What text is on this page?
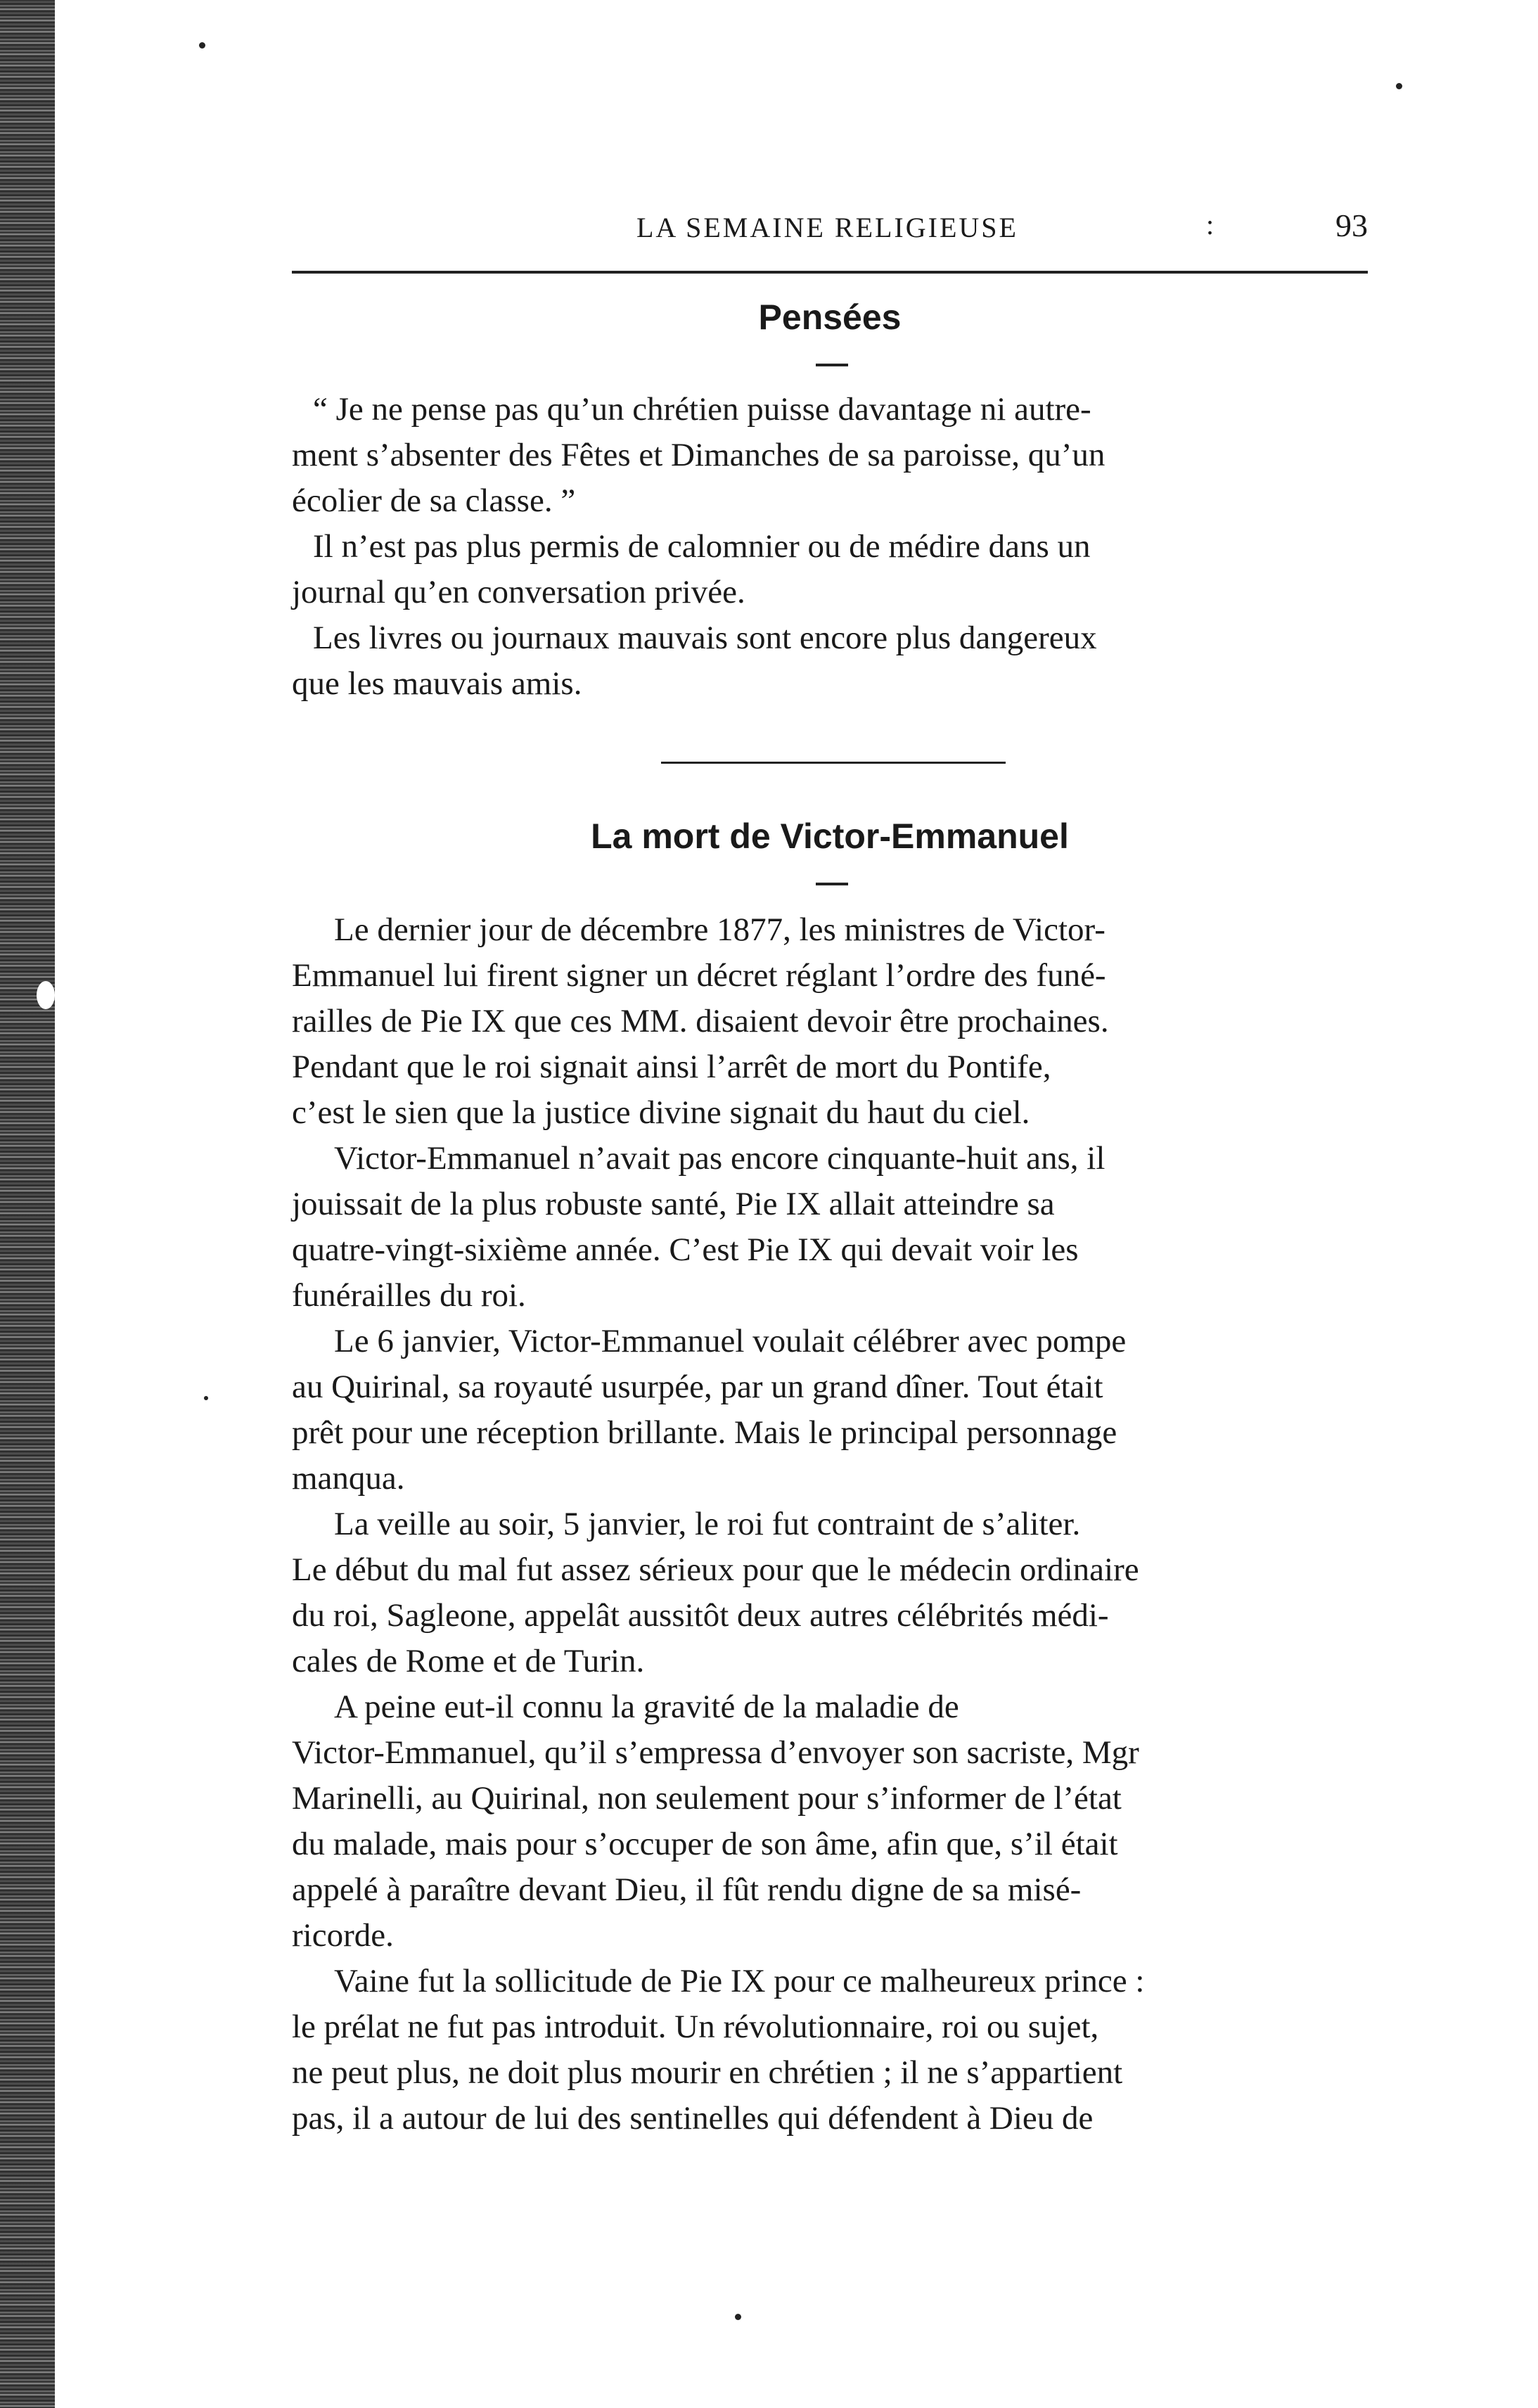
LA SEMAINE RELIGIEUSE	:	93
Pensées
“ Je ne pense pas qu’un chrétien puisse davantage ni autre-
ment s’absenter des Fêtes et Dimanches de sa paroisse, qu’un
écolier de sa classe. ”
Il n’est pas plus permis de calomnier ou de médire dans un
journal qu’en conversation privée.
Les livres ou journaux mauvais sont encore plus dangereux
que les mauvais amis.
La mort de Victor-Emmanuel
Le dernier jour de décembre 1877, les ministres de Victor-
Emmanuel lui firent signer un décret réglant l’ordre des funé-
railles de Pie IX que ces MM. disaient devoir être prochaines.
Pendant que le roi signait ainsi l’arrêt de mort du Pontife,
c’est le sien que la justice divine signait du haut du ciel.
Victor-Emmanuel n’avait pas encore cinquante-huit ans, il
jouissait de la plus robuste santé, Pie IX allait atteindre sa
quatre-vingt-sixième année. C’est Pie IX qui devait voir les
funérailles du roi.
Le 6 janvier, Victor-Emmanuel voulait célébrer avec pompe
au Quirinal, sa royauté usurpée, par un grand dîner. Tout était
prêt pour une réception brillante. Mais le principal personnage
manqua.
La veille au soir, 5 janvier, le roi fut contraint de s’aliter.
Le début du mal fut assez sérieux pour que le médecin ordinaire
du roi, Sagleone, appelât aussitôt deux autres célébrités médi-
cales de Rome et de Turin.
A peine eut-il connu la gravité de la maladie de
Victor-Emmanuel, qu’il s’empressa d’envoyer son sacriste, Mgr
Marinelli, au Quirinal, non seulement pour s’informer de l’état
du malade, mais pour s’occuper de son âme, afin que, s’il était
appelé à paraître devant Dieu, il fût rendu digne de sa misé-
ricorde.
Vaine fut la sollicitude de Pie IX pour ce malheureux prince :
le prélat ne fut pas introduit. Un révolutionnaire, roi ou sujet,
ne peut plus, ne doit plus mourir en chrétien ; il ne s’appartient
pas, il a autour de lui des sentinelles qui défendent à Dieu de
